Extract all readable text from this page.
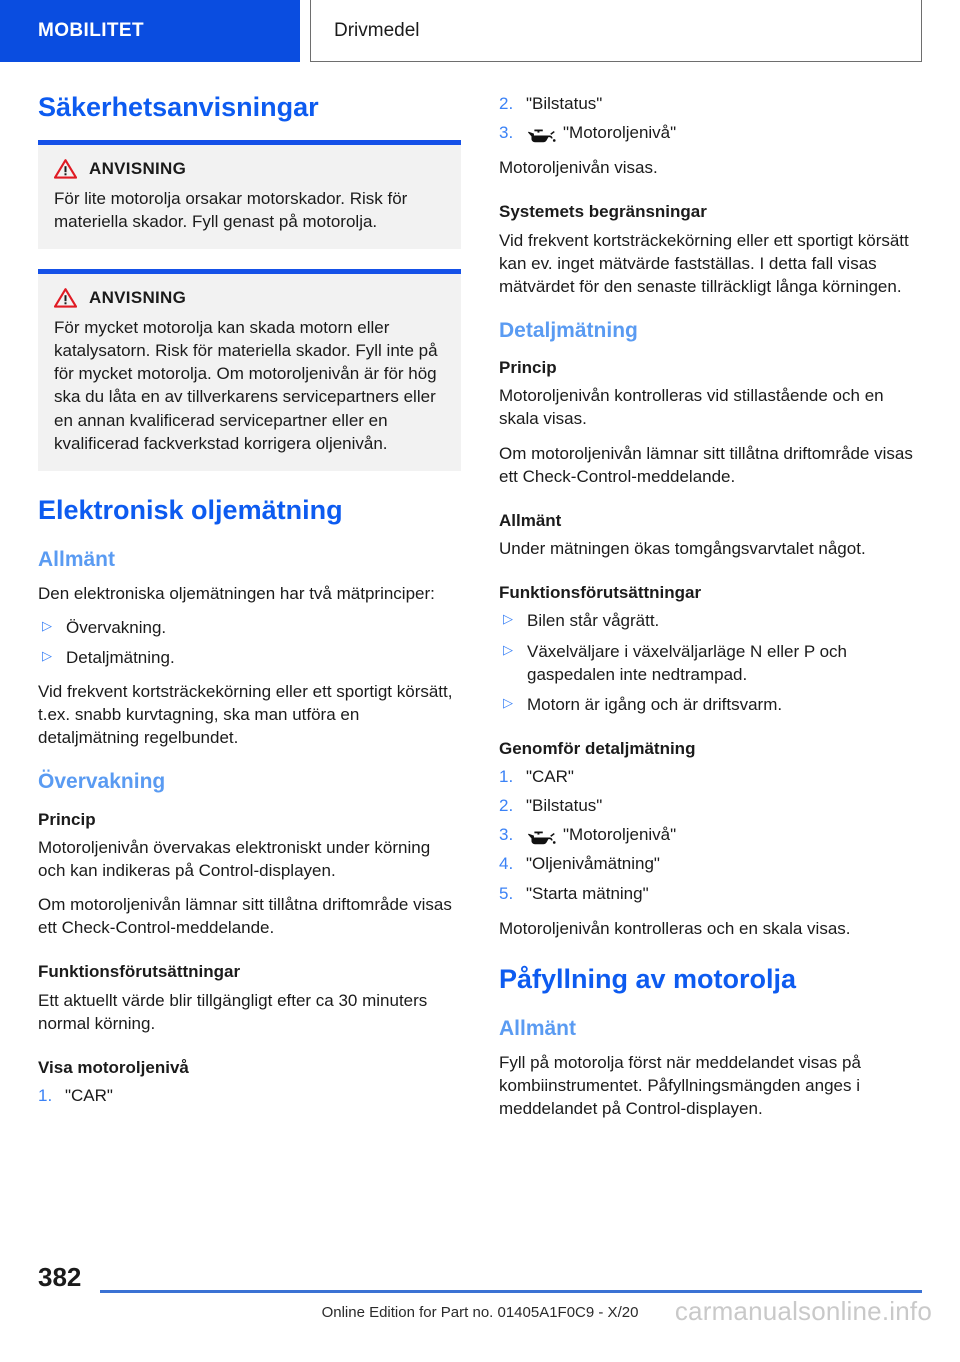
MOBILITET	Drivmedel
Säkerhetsanvisningar
ANVISNING

För lite motorolja orsakar motorskador. Risk för materiella skador. Fyll genast på motorolja.

ANVISNING

För mycket motorolja kan skada motorn eller katalysatorn. Risk för materiella skador. Fyll inte på för mycket motorolja. Om motoroljenivån är för hög ska du låta en av tillverkarens servicepartners eller en annan kvalificerad servicepartner eller en kvalificerad fackverkstad korrigera oljenivån.

Elektronisk oljemätning
Allmänt

Den elektroniska oljemätningen har två mätprinciper:

▷ Övervakning.
▷ Detaljmätning.

Vid frekvent kortsträckekörning eller ett sportigt körsätt, t.ex. snabb kurvtagning, ska man utföra en detaljmätning regelbundet.

Övervakning
Princip

Motoroljenivån övervakas elektroniskt under körning och kan indikeras på Control-displayen.

Om motoroljenivån lämnar sitt tillåtna driftområde visas ett Check-Control-meddelande.

Funktionsförutsättningar

Ett aktuellt värde blir tillgängligt efter ca 30 minuters normal körning.

Visa motoroljenivå
1. "CAR"
2. "Bilstatus"
3.	"Motoroljenivå"

Motoroljenivån visas.

Systemets begränsningar

Vid frekvent kortsträckekörning eller ett sportigt körsätt kan ev. inget mätvärde fastställas. I detta fall visas mätvärdet för den senaste tillräckligt långa körningen.

Detaljmätning
Princip

Motoroljenivån kontrolleras vid stillastående och en skala visas.

Om motoroljenivån lämnar sitt tillåtna driftområde visas ett Check-Control-meddelande.

Allmänt

Under mätningen ökas tomgångsvarvtalet något.

Funktionsförutsättningar
▷ Bilen står vågrätt.
▷ Växelväljare i växelväljarläge N eller P och gaspedalen inte nedtrampad.
▷ Motorn är igång och är driftsvarm.
Genomför detaljmätning
1. "CAR"
2. "Bilstatus"
3.	"Motoroljenivå"
4. "Oljenivåmätning"
5. "Starta mätning"

Motoroljenivån kontrolleras och en skala visas.

Påfyllning av motorolja
Allmänt

Fyll på motorolja först när meddelandet visas på kombiinstrumentet. Påfyllningsmängden anges i meddelandet på Control-displayen.

382
Online Edition for Part no. 01405A1F0C9 - X/20	carmanualsonline.info
